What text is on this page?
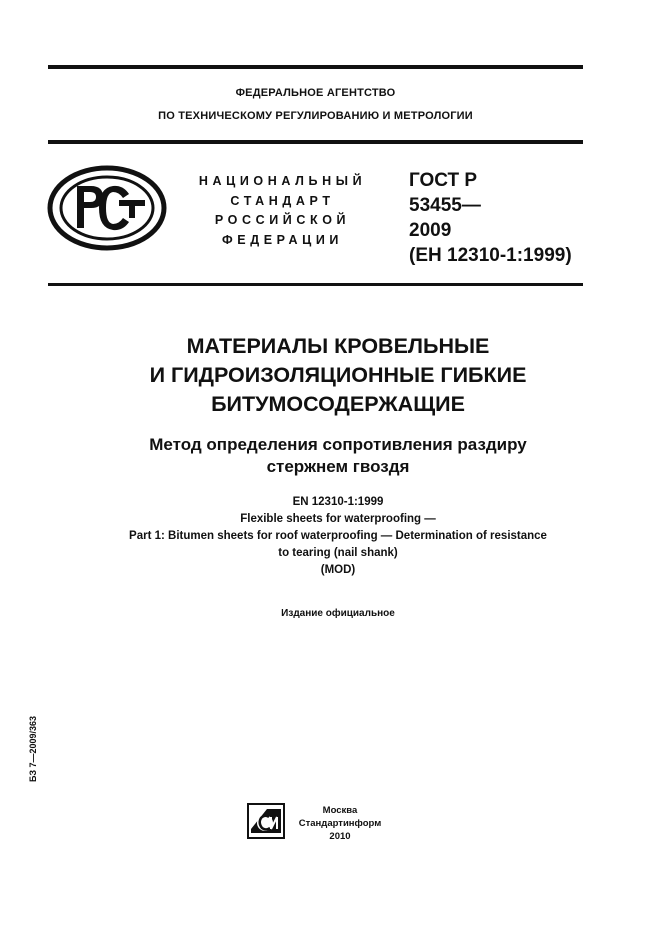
ФЕДЕРАЛЬНОЕ АГЕНТСТВО
ПО ТЕХНИЧЕСКОМУ РЕГУЛИРОВАНИЮ И МЕТРОЛОГИИ
НАЦИОНАЛЬНЫЙ
СТАНДАРТ
РОССИЙСКОЙ
ФЕДЕРАЦИИ
ГОСТ Р
53455—
2009
(ЕН 12310-1:1999)
МАТЕРИАЛЫ КРОВЕЛЬНЫЕ
И ГИДРОИЗОЛЯЦИОННЫЕ ГИБКИЕ
БИТУМОСОДЕРЖАЩИЕ
Метод определения сопротивления раздиру
стержнем гвоздя
EN 12310-1:1999
Flexible sheets for waterproofing —
Part 1: Bitumen sheets for roof waterproofing — Determination of resistance
to tearing (nail shank)
(MOD)
Издание официальное
БЗ 7—2009/363
Москва
Стандартинформ
2010
